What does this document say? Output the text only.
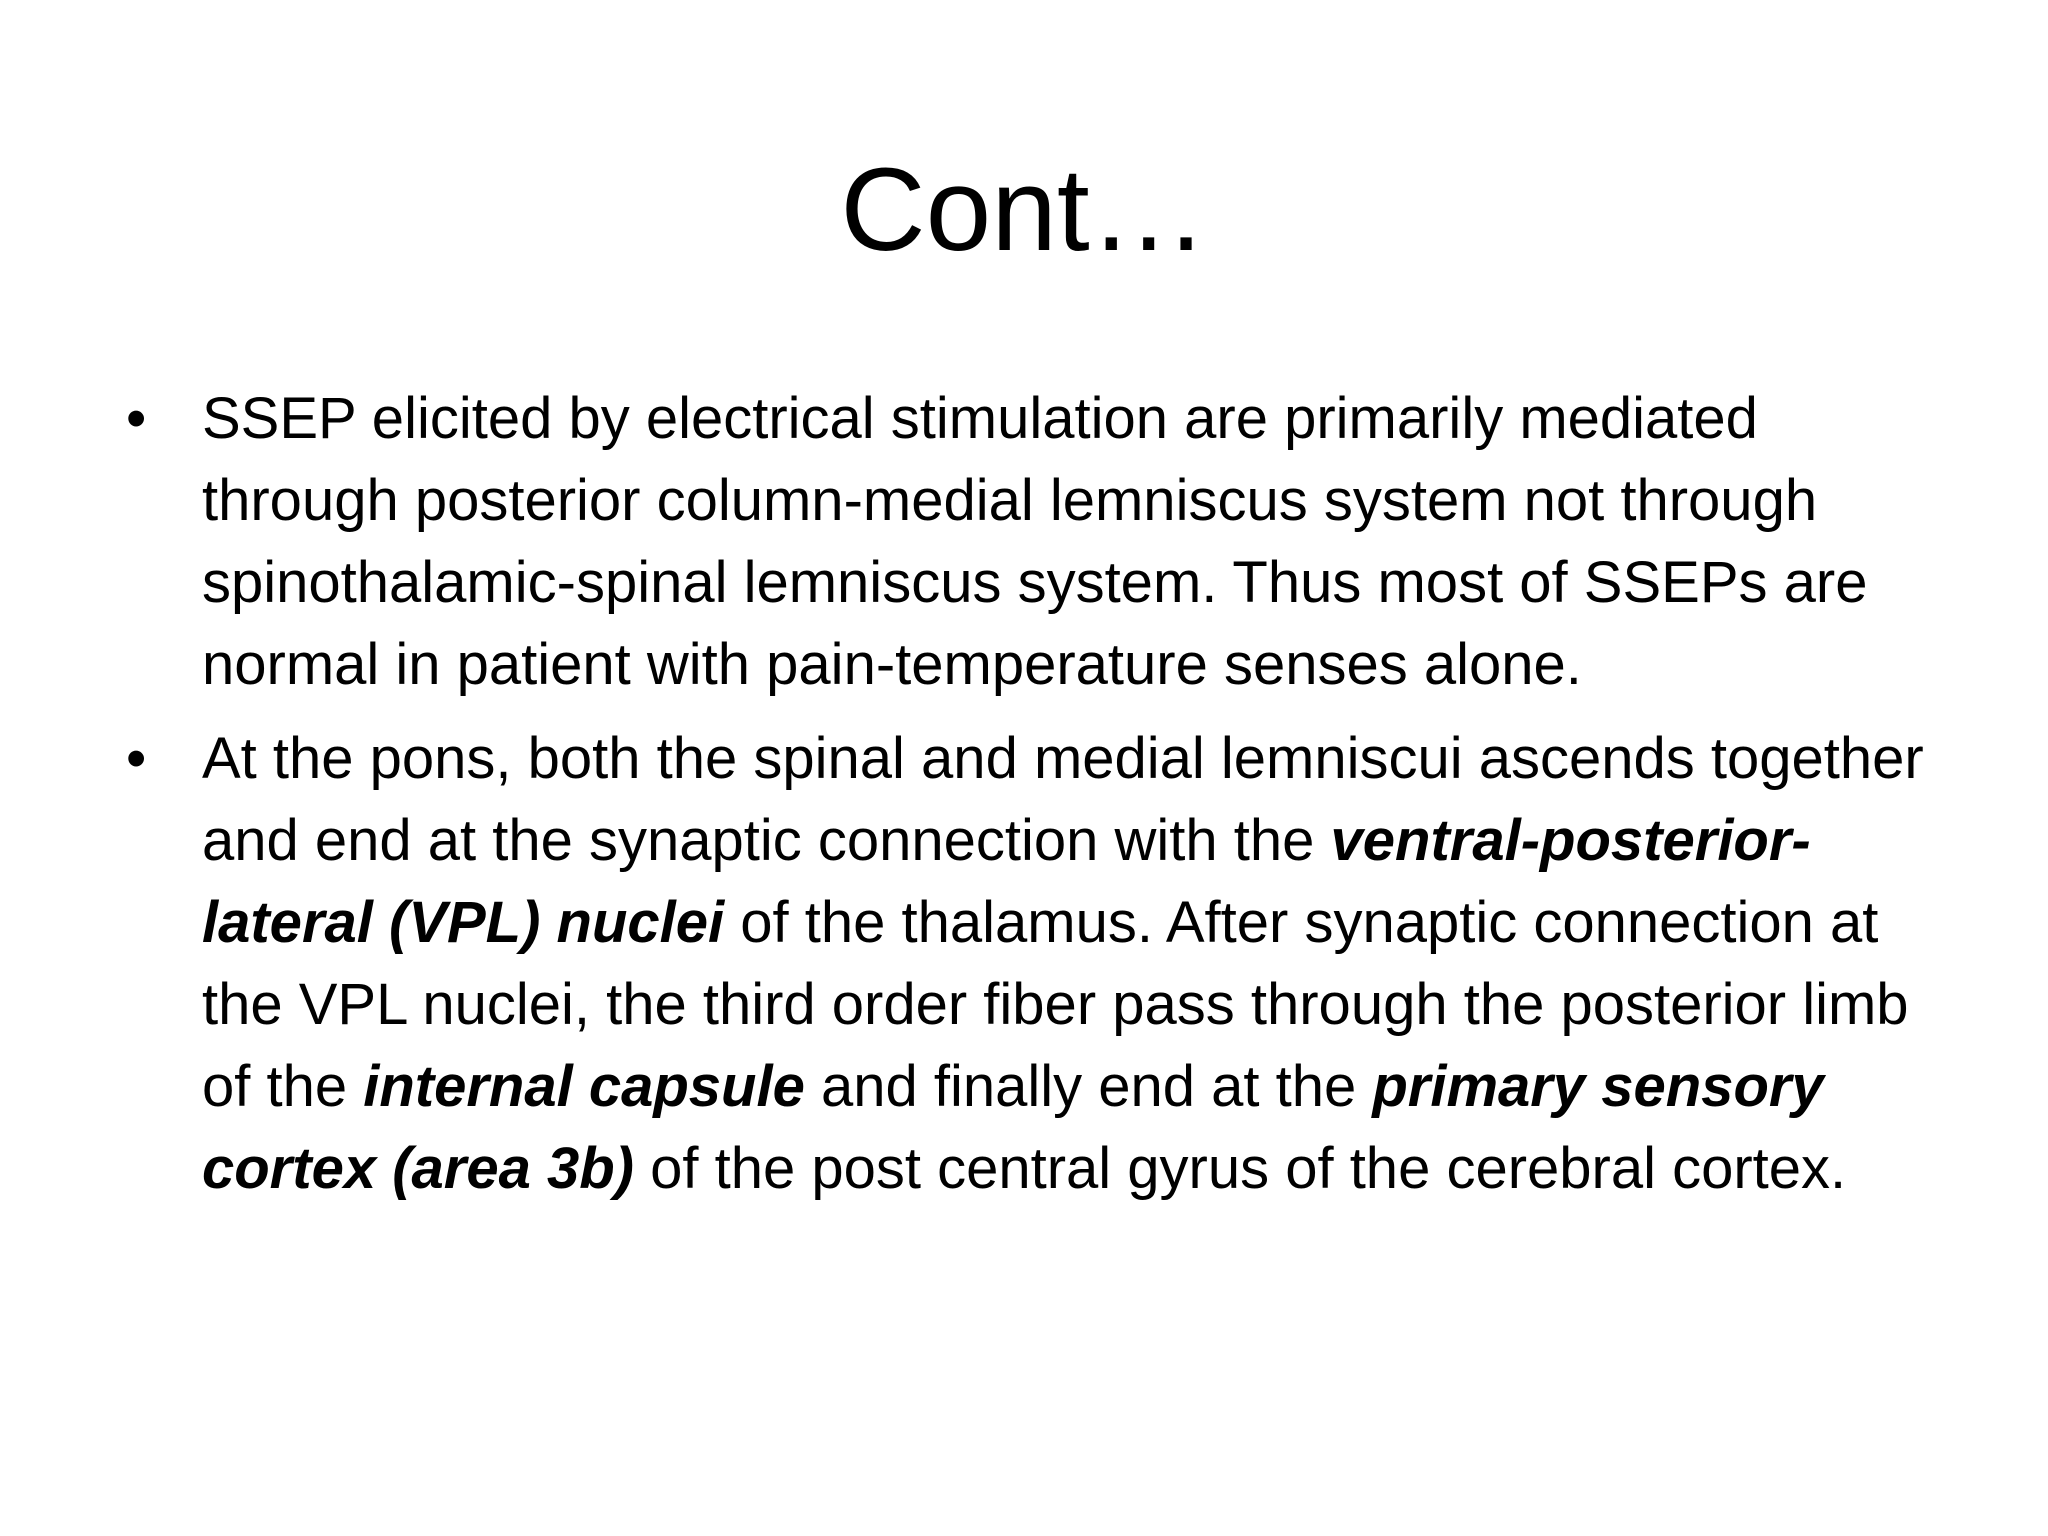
Cont…
• SSEP elicited by electrical stimulation are primarily mediated through posterior column-medial lemniscus system not through spinothalamic-spinal lemniscus system. Thus most of SSEPs are normal in patient with pain-temperature senses alone.
• At the pons, both the spinal and medial lemniscui ascends together and end at the synaptic connection with the ventral-posterior-lateral (VPL) nuclei of the thalamus. After synaptic connection at the VPL nuclei, the third order fiber pass through the posterior limb of the internal capsule and finally end at the primary sensory cortex (area 3b) of the post central gyrus of the cerebral cortex.
